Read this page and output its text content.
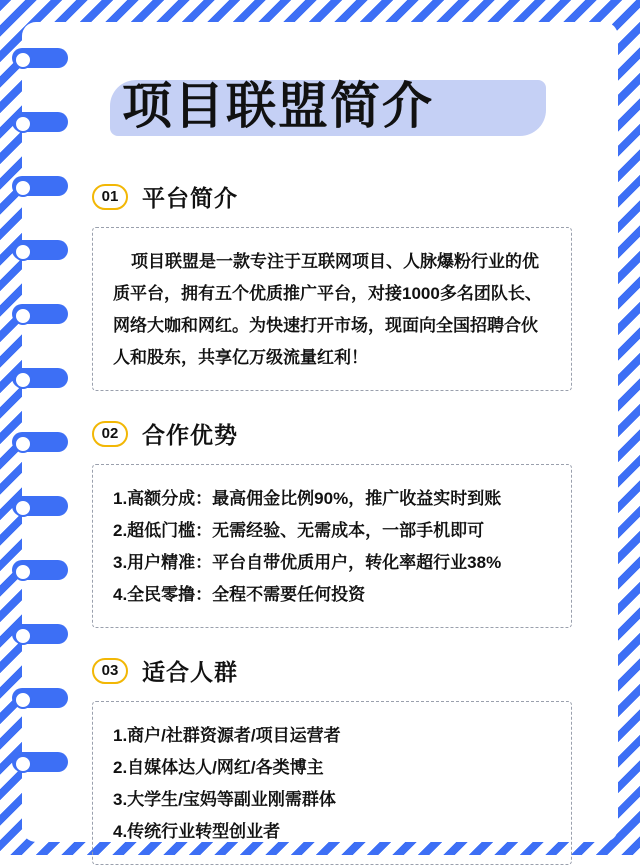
项目联盟简介
01	平台简介
项目联盟是一款专注于互联网项目、人脉爆粉行业的优质平台，拥有五个优质推广平台，对接1000多名团队长、网络大咖和网红。为快速打开市场，现面向全国招聘合伙人和股东，共享亿万级流量红利！
02	合作优势
1.高额分成：最高佣金比例90%，推广收益实时到账
2.超低门槛：无需经验、无需成本，一部手机即可
3.用户精准：平台自带优质用户，转化率超行业38%
4.全民零撸：全程不需要任何投资
03	适合人群
1.商户/社群资源者/项目运营者
2.自媒体达人/网红/各类博主
3.大学生/宝妈等副业刚需群体
4.传统行业转型创业者
